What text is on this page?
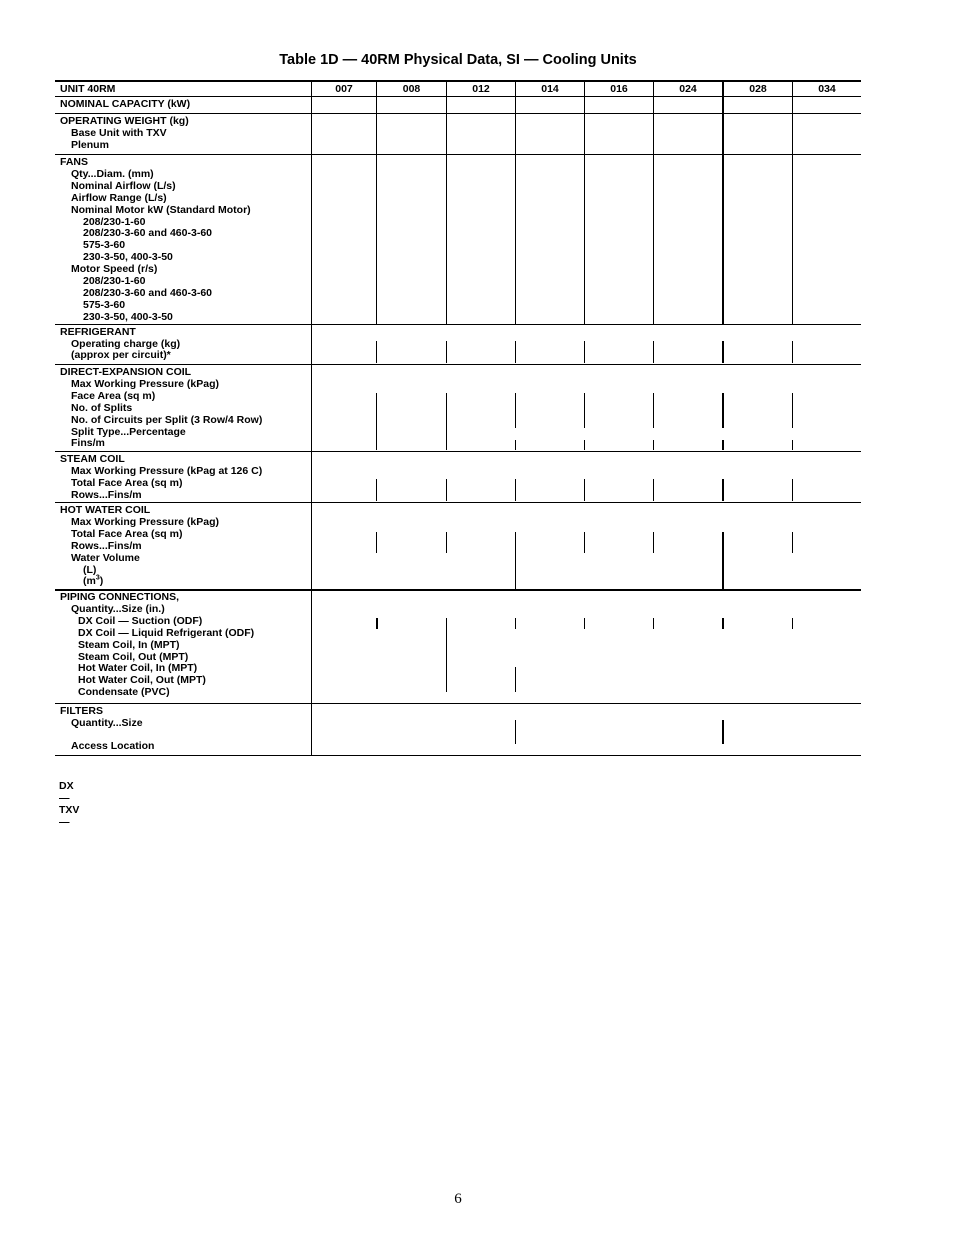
Table 1D — 40RM Physical Data, SI — Cooling Units
UNIT 40RM	007	008	012	014	016	024	028	034
NOMINAL CAPACITY (kW)
OPERATING WEIGHT (kg)
Base Unit with TXV
Plenum
FANS
Qty...Diam. (mm)
Nominal Airflow (L/s)
Airflow Range (L/s)
Nominal Motor kW (Standard Motor)
208/230-1-60
208/230-3-60 and 460-3-60
575-3-60
230-3-50, 400-3-50
Motor Speed (r/s)
208/230-1-60
208/230-3-60 and 460-3-60
575-3-60
230-3-50, 400-3-50
REFRIGERANT
Operating charge (kg)
(approx per circuit)*
DIRECT-EXPANSION COIL
Max Working Pressure (kPag)
Face Area (sq m)
No. of Splits
No. of Circuits per Split (3 Row/4 Row)
Split Type...Percentage
Fins/m
STEAM COIL
Max Working Pressure (kPag at 126 C)
Total Face Area (sq m)
Rows...Fins/m
HOT WATER COIL
Max Working Pressure (kPag)
Total Face Area (sq m)
Rows...Fins/m
Water Volume
(L)
$(m^3)$
PIPING CONNECTIONS,
Quantity...Size (in.)
DX Coil — Suction (ODF)
DX Coil — Liquid Refrigerant (ODF)
Steam Coil, In (MPT)
Steam Coil, Out (MPT)
Hot Water Coil, In (MPT)
Hot Water Coil, Out (MPT)
Condensate (PVC)
FILTERS
Quantity...Size
Access Location
DX
—
TXV
—
6
